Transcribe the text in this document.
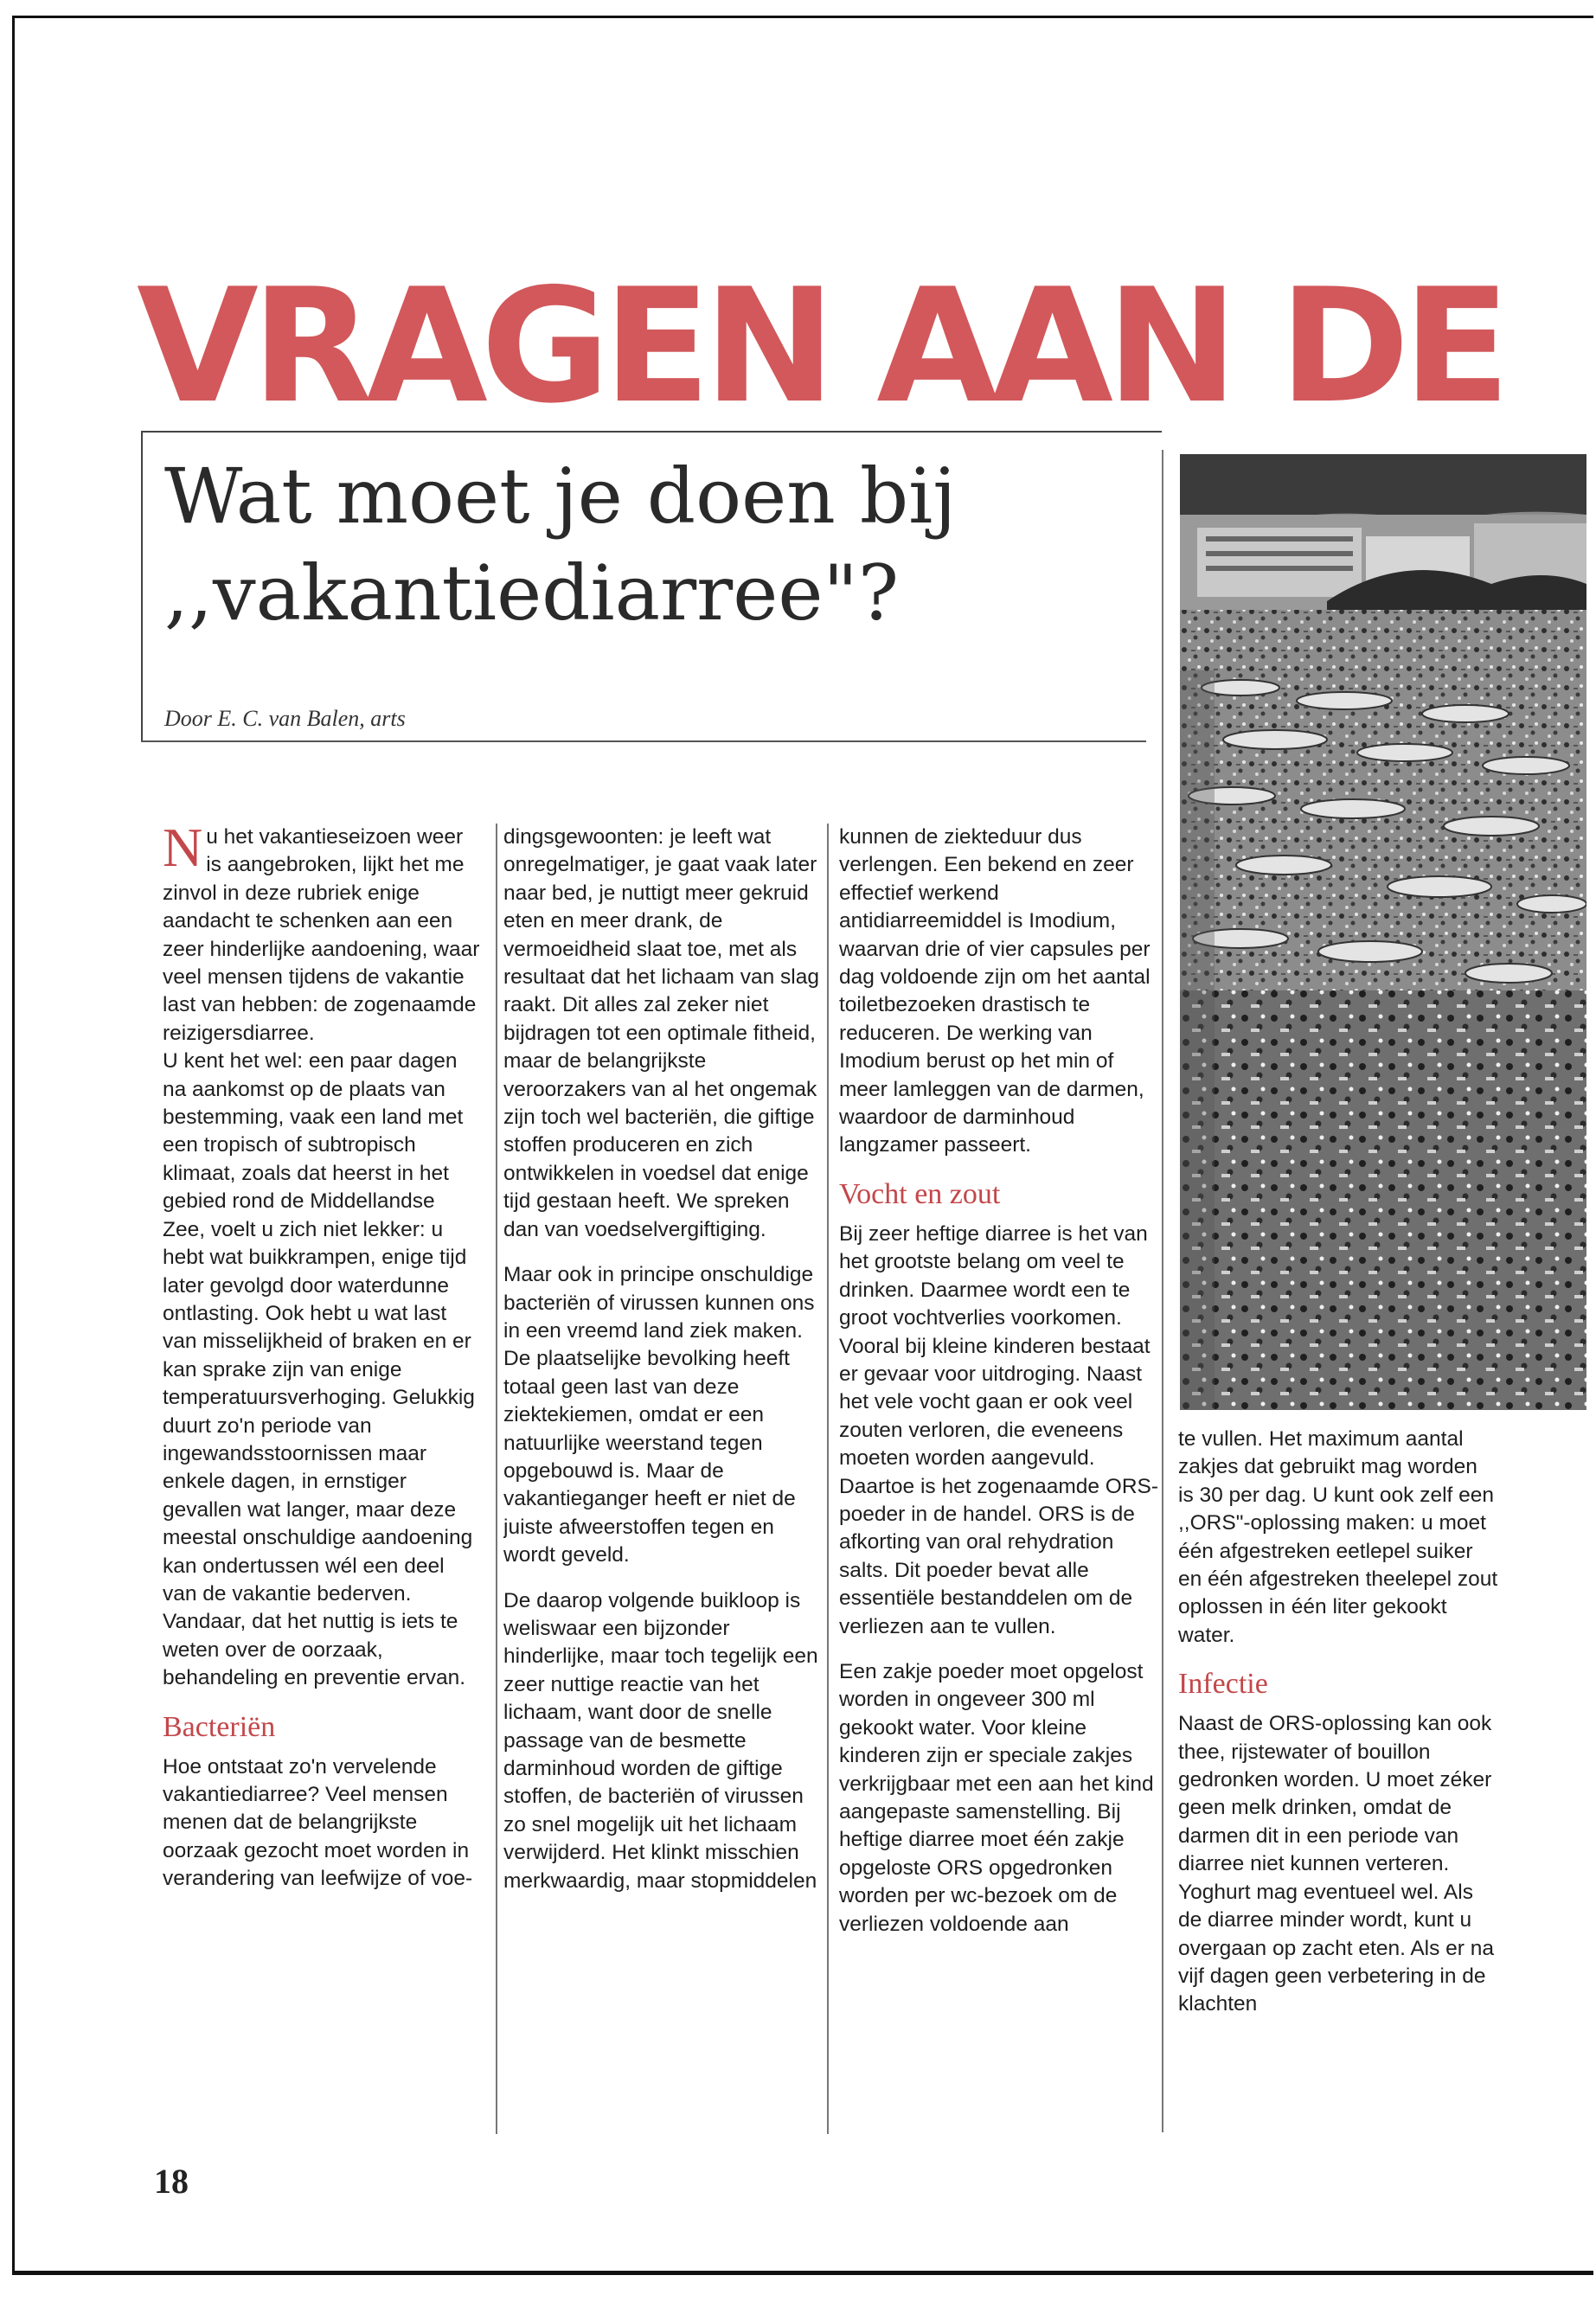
VRAGEN AAN DE
Wat moet je doen bij
,,vakantiediarree"?
Door E. C. van Balen, arts

Nu het vakantieseizoen weer is aangebroken, lijkt het me zinvol in deze rubriek enige aandacht te schenken aan een zeer hinderlijke aandoening, waar veel mensen tijdens de vakantie last van hebben: de zogenaamde reizigersdiarree.

U kent het wel: een paar dagen na aankomst op de plaats van bestemming, vaak een land met een tropisch of subtropisch klimaat, zoals dat heerst in het gebied rond de Middellandse Zee, voelt u zich niet lekker: u hebt wat buikkrampen, enige tijd later gevolgd door waterdunne ontlasting. Ook hebt u wat last van misselijkheid of braken en er kan sprake zijn van enige temperatuursverhoging. Gelukkig duurt zo'n periode van ingewandsstoornissen maar enkele dagen, in ernstiger gevallen wat langer, maar deze meestal onschuldige aandoening kan ondertussen wél een deel van de vakantie bederven. Vandaar, dat het nuttig is iets te weten over de oorzaak, behandeling en preventie ervan.

Bacteriën

Hoe ontstaat zo'n vervelende vakantiediarree? Veel mensen menen dat de belangrijkste oorzaak gezocht moet worden in verandering van leefwijze of voe-

dingsgewoonten: je leeft wat onregelmatiger, je gaat vaak later naar bed, je nuttigt meer gekruid eten en meer drank, de vermoeidheid slaat toe, met als resultaat dat het lichaam van slag raakt. Dit alles zal zeker niet bijdragen tot een optimale fitheid, maar de belangrijkste veroorzakers van al het ongemak zijn toch wel bacteriën, die giftige stoffen produceren en zich ontwikkelen in voedsel dat enige tijd gestaan heeft. We spreken dan van voedselvergiftiging.

Maar ook in principe onschuldige bacteriën of virussen kunnen ons in een vreemd land ziek maken. De plaatselijke bevolking heeft totaal geen last van deze ziektekiemen, omdat er een natuurlijke weerstand tegen opgebouwd is. Maar de vakantieganger heeft er niet de juiste afweerstoffen tegen en wordt geveld.

De daarop volgende buikloop is weliswaar een bijzonder hinderlijke, maar toch tegelijk een zeer nuttige reactie van het lichaam, want door de snelle passage van de besmette darminhoud worden de giftige stoffen, de bacteriën of virussen zo snel mogelijk uit het lichaam verwijderd. Het klinkt misschien merkwaardig, maar stopmiddelen

kunnen de ziekteduur dus verlengen. Een bekend en zeer effectief werkend antidiarreemiddel is Imodium, waarvan drie of vier capsules per dag voldoende zijn om het aantal toiletbezoeken drastisch te reduceren. De werking van Imodium berust op het min of meer lamleggen van de darmen, waardoor de darminhoud langzamer passeert.

Vocht en zout

Bij zeer heftige diarree is het van het grootste belang om veel te drinken. Daarmee wordt een te groot vochtverlies voorkomen. Vooral bij kleine kinderen bestaat er gevaar voor uitdroging. Naast het vele vocht gaan er ook veel zouten verloren, die eveneens moeten worden aangevuld. Daartoe is het zogenaamde ORS-poeder in de handel. ORS is de afkorting van oral rehydration salts. Dit poeder bevat alle essentiële bestanddelen om de verliezen aan te vullen.

Een zakje poeder moet opgelost worden in ongeveer 300 ml gekookt water. Voor kleine kinderen zijn er speciale zakjes verkrijgbaar met een aan het kind aangepaste samenstelling. Bij heftige diarree moet één zakje opgeloste ORS opgedronken worden per wc-bezoek om de verliezen voldoende aan

te vullen. Het maximum aantal zakjes dat gebruikt mag worden is 30 per dag. U kunt ook zelf een ,,ORS"-oplossing maken: u moet één afgestreken eetlepel suiker en één afgestreken theelepel zout oplossen in één liter gekookt water.

Infectie

Naast de ORS-oplossing kan ook thee, rijstewater of bouillon gedronken worden. U moet zéker geen melk drinken, omdat de darmen dit in een periode van diarree niet kunnen verteren. Yoghurt mag eventueel wel. Als de diarree minder wordt, kunt u overgaan op zacht eten. Als er na vijf dagen geen verbetering in de klachten

18
